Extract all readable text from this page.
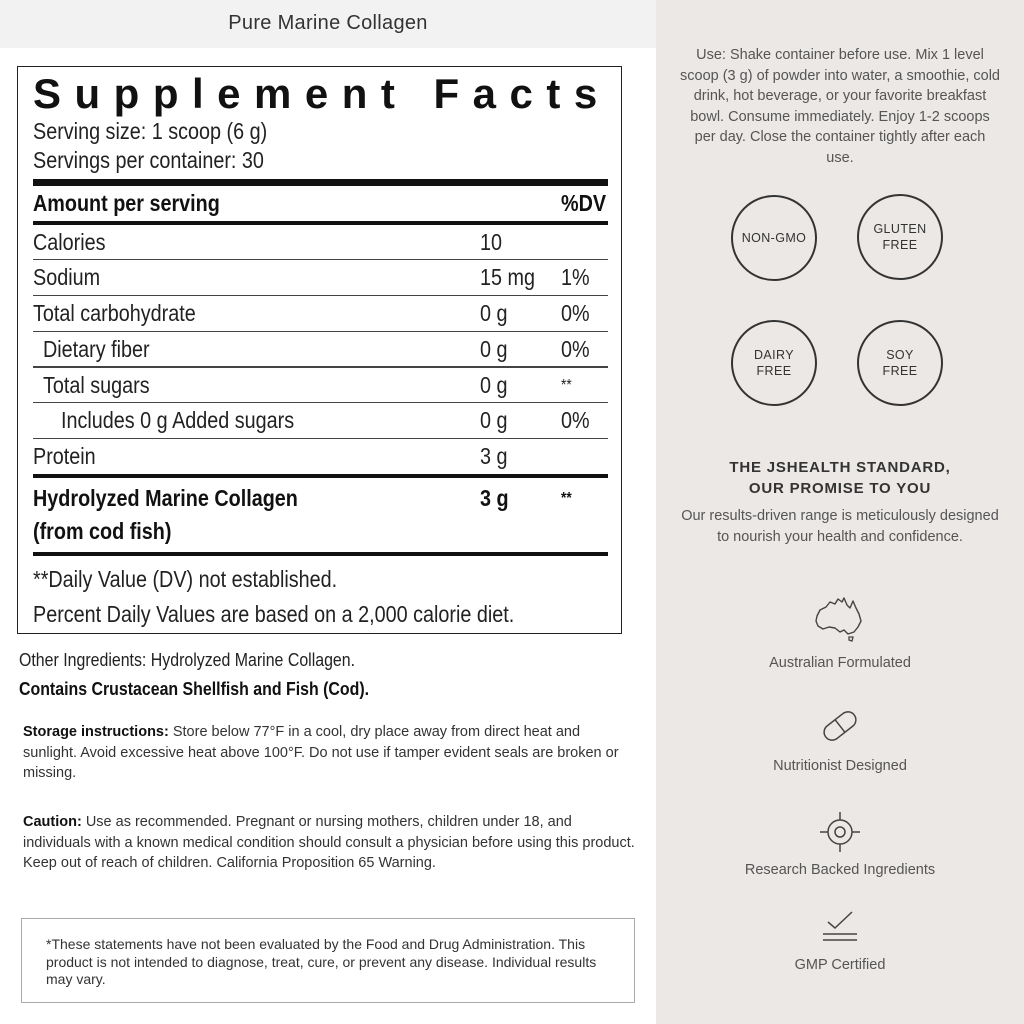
Pure Marine Collagen
Supplement Facts
Serving size: 1 scoop (6 g)
Servings per container: 30
Amount per serving	%DV
Calories	10
Sodium	15 mg 1%
Total carbohydrate	0 g 0%
Dietary fiber	0 g 0%
Total sugars	0 g	**
Includes 0 g Added sugars	0 g 0%
Protein	3 g
Hydrolyzed Marine Collagen
(from cod fish)
3 g	**
**Daily Value (DV) not established.
Percent Daily Values are based on a 2,000 calorie diet.
Other Ingredients: Hydrolyzed Marine Collagen.
Contains Crustacean Shellfish and Fish (Cod).
Storage instructions: Store below 77°F in a cool, dry place away from direct heat and sunlight. Avoid excessive heat above 100°F. Do not use if tamper evident seals are broken or missing.
Caution: Use as recommended. Pregnant or nursing mothers, children under 18, and individuals with a known medical condition should consult a physician before using this product. Keep out of reach of children. California Proposition 65 Warning.
*These statements have not been evaluated by the Food and Drug Administration. This product is not intended to diagnose, treat, cure, or prevent any disease. Individual results may vary.
Use: Shake container before use. Mix 1 level scoop (3 g) of powder into water, a smoothie, cold drink, hot beverage, or your favorite breakfast bowl. Consume immediately. Enjoy 1-2 scoops per day. Close the container tightly after each use.
NON-GMO
GLUTEN
FREE
DAIRY
FREE
SOY
FREE
THE JSHEALTH STANDARD,
OUR PROMISE TO YOU
Our results-driven range is meticulously designed to nourish your health and confidence.
Australian Formulated
Nutritionist Designed
Research Backed Ingredients
GMP Certified
